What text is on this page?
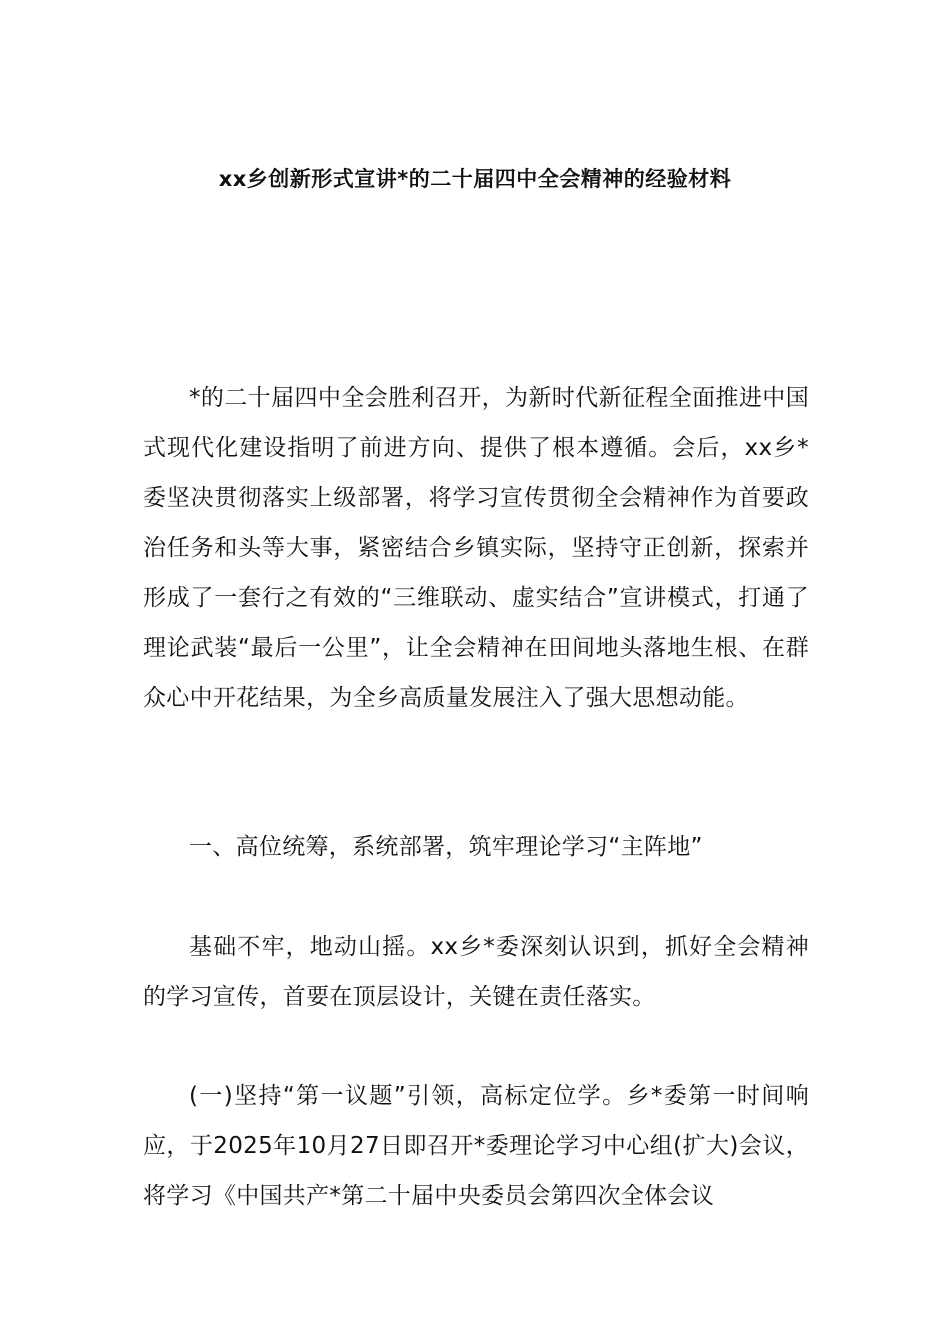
xx乡创新形式宣讲*的二十届四中全会精神的经验材料

*的二十届四中全会胜利召开，为新时代新征程全面推进中国式现代化建设指明了前进方向、提供了根本遵循。会后，xx乡*委坚决贯彻落实上级部署，将学习宣传贯彻全会精神作为首要政治任务和头等大事，紧密结合乡镇实际，坚持守正创新，探索并形成了一套行之有效的“三维联动、虚实结合”宣讲模式，打通了理论武装“最后一公里”，让全会精神在田间地头落地生根、在群众心中开花结果，为全乡高质量发展注入了强大思想动能。

一、高位统筹，系统部署，筑牢理论学习“主阵地”

基础不牢，地动山摇。xx乡*委深刻认识到，抓好全会精神的学习宣传，首要在顶层设计，关键在责任落实。

(一)坚持“第一议题”引领，高标定位学。乡*委第一时间响应，于2025年10月27日即召开*委理论学习中心组(扩大)会议，将学习《中国共产*第二十届中央委员会第四次全体会议
